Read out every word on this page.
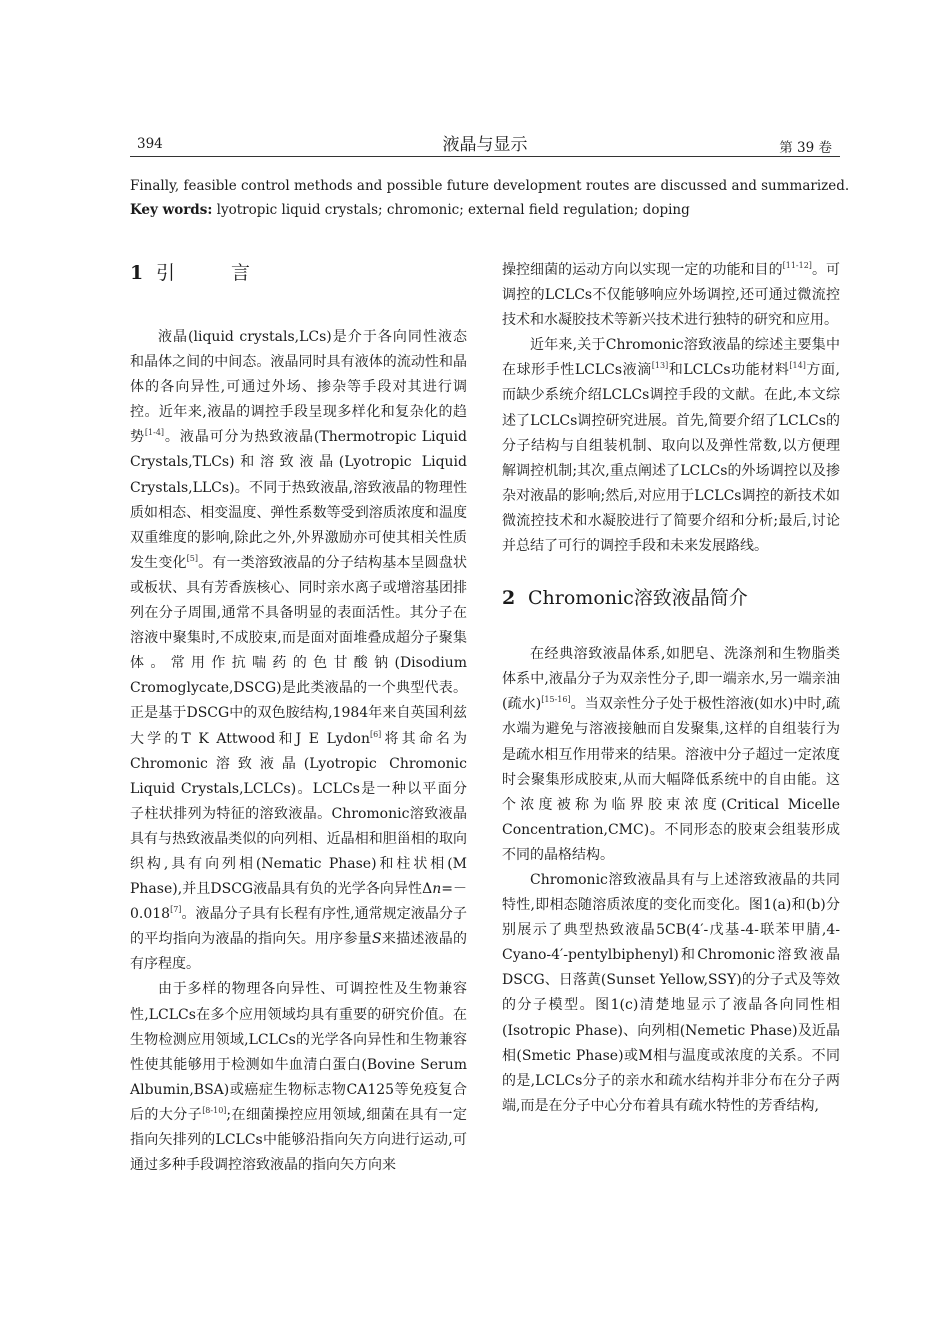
394	液晶与显示	第 39 卷
Finally, feasible control methods and possible future development routes are discussed and summarized.
Key words: lyotropic liquid crystals; chromonic; external field regulation; doping
1 引言

液晶(liquid crystals,LCs)是介于各向同性液态和晶体之间的中间态。液晶同时具有液体的流动性和晶体的各向异性,可通过外场、掺杂等手段对其进行调控。近年来,液晶的调控手段呈现多样化和复杂化的趋势[1-4]。液晶可分为热致液晶(Thermotropic Liquid Crystals,TLCs)和溶致液晶(Lyotropic Liquid Crystals,LLCs)。不同于热致液晶,溶致液晶的物理性质如相态、相变温度、弹性系数等受到溶质浓度和温度双重维度的影响,除此之外,外界激励亦可使其相关性质发生变化[5]。有一类溶致液晶的分子结构基本呈圆盘状或板状、具有芳香族核心、同时亲水离子或增溶基团排列在分子周围,通常不具备明显的表面活性。其分子在溶液中聚集时,不成胶束,而是面对面堆叠成超分子聚集体。常用作抗喘药的色甘酸钠(Disodium Cromoglycate,DSCG)是此类液晶的一个典型代表。正是基于DSCG中的双色胺结构,1984年来自英国利兹大学的T K Attwood和J E Lydon[6]将其命名为Chromonic溶致液晶(Lyotropic Chromonic Liquid Crystals,LCLCs)。LCLCs是一种以平面分子柱状排列为特征的溶致液晶。Chromonic溶致液晶具有与热致液晶类似的向列相、近晶相和胆甾相的取向织构,具有向列相(Nematic Phase)和柱状相(M Phase),并且DSCG液晶具有负的光学各向异性Δn=－0.018[7]。液晶分子具有长程有序性,通常规定液晶分子的平均指向为液晶的指向矢。用序参量S来描述液晶的有序程度。

由于多样的物理各向异性、可调控性及生物兼容性,LCLCs在多个应用领域均具有重要的研究价值。在生物检测应用领域,LCLCs的光学各向异性和生物兼容性使其能够用于检测如牛血清白蛋白(Bovine Serum Albumin,BSA)或癌症生物标志物CA125等免疫复合后的大分子[8-10];在细菌操控应用领域,细菌在具有一定指向矢排列的LCLCs中能够沿指向矢方向进行运动,可通过多种手段调控溶致液晶的指向矢方向来

操控细菌的运动方向以实现一定的功能和目的[11-12]。可调控的LCLCs不仅能够响应外场调控,还可通过微流控技术和水凝胶技术等新兴技术进行独特的研究和应用。

近年来,关于Chromonic溶致液晶的综述主要集中在球形手性LCLCs液滴[13]和LCLCs功能材料[14]方面,而缺少系统介绍LCLCs调控手段的文献。在此,本文综述了LCLCs调控研究进展。首先,简要介绍了LCLCs的分子结构与自组装机制、取向以及弹性常数,以方便理解调控机制;其次,重点阐述了LCLCs的外场调控以及掺杂对液晶的影响;然后,对应用于LCLCs调控的新技术如微流控技术和水凝胶进行了简要介绍和分析;最后,讨论并总结了可行的调控手段和未来发展路线。

2 Chromonic溶致液晶简介

在经典溶致液晶体系,如肥皂、洗涤剂和生物脂类体系中,液晶分子为双亲性分子,即一端亲水,另一端亲油(疏水)[15-16]。当双亲性分子处于极性溶液(如水)中时,疏水端为避免与溶液接触而自发聚集,这样的自组装行为是疏水相互作用带来的结果。溶液中分子超过一定浓度时会聚集形成胶束,从而大幅降低系统中的自由能。这个浓度被称为临界胶束浓度(Critical Micelle Concentration,CMC)。不同形态的胶束会组装形成不同的晶格结构。

Chromonic溶致液晶具有与上述溶致液晶的共同特性,即相态随溶质浓度的变化而变化。图1(a)和(b)分别展示了典型热致液晶5CB(4′-戊基-4-联苯甲腈,4-Cyano-4′-pentylbiphenyl)和Chromonic溶致液晶DSCG、日落黄(Sunset Yellow,SSY)的分子式及等效的分子模型。图1(c)清楚地显示了液晶各向同性相(Isotropic Phase)、向列相(Nemetic Phase)及近晶相(Smetic Phase)或M相与温度或浓度的关系。不同的是,LCLCs分子的亲水和疏水结构并非分布在分子两端,而是在分子中心分布着具有疏水特性的芳香结构,
